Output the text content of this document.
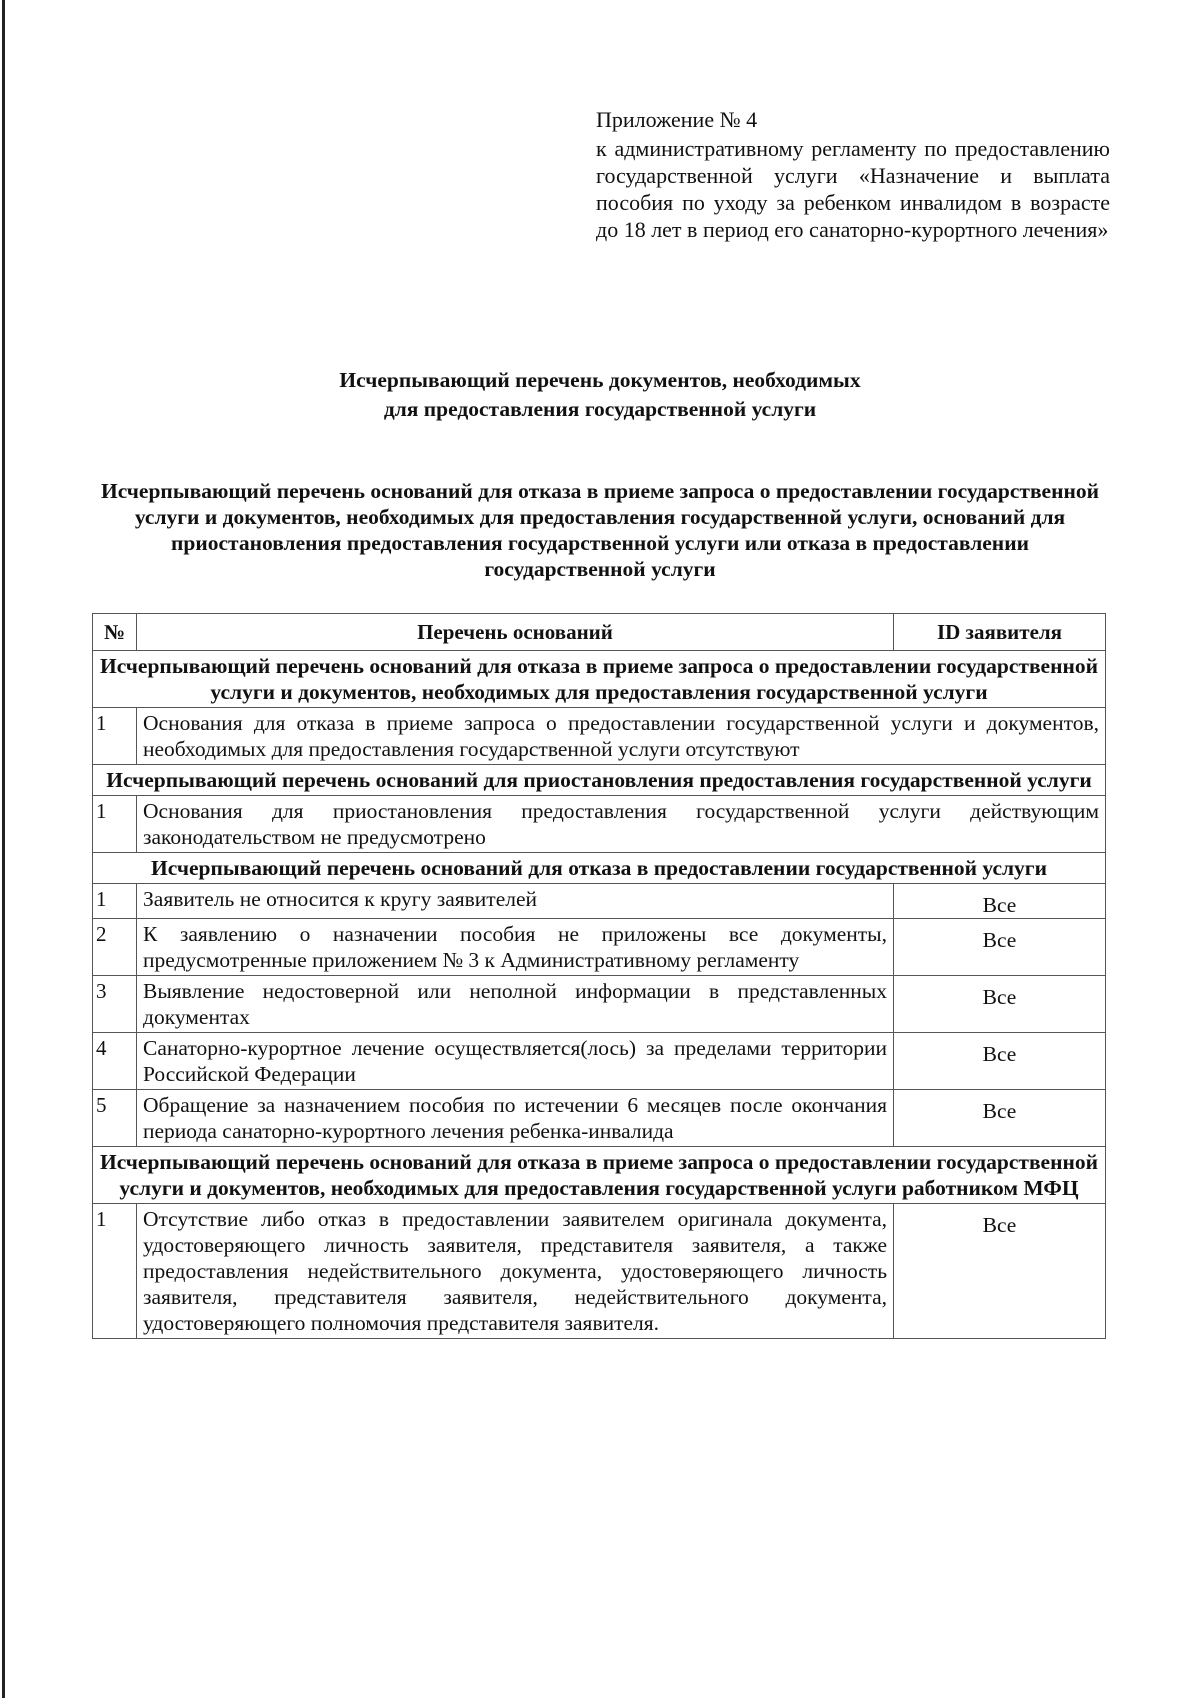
Приложение № 4
к административному регламенту по предоставлению государственной услуги «Назначение и выплата пособия по уходу за ребенком инвалидом в возрасте до 18 лет в период его санаторно-курортного лечения»
Исчерпывающий перечень документов, необходимых
для предоставления государственной услуги
Исчерпывающий перечень оснований для отказа в приеме запроса о предоставлении государственной услуги и документов, необходимых для предоставления государственной услуги, оснований для приостановления предоставления государственной услуги или отказа в предоставлении государственной услуги
№	Перечень оснований	ID заявителя
Исчерпывающий перечень оснований для отказа в приеме запроса о предоставлении государственной услуги и документов, необходимых для предоставления государственной услуги		
1	Основания для отказа в приеме запроса о предоставлении государственной услуги и документов, необходимых для предоставления государственной услуги отсутствуют	
Исчерпывающий перечень оснований для приостановления предоставления государственной услуги		
1	Основания для приостановления предоставления государственной услуги действующим законодательством не предусмотрено	
Исчерпывающий перечень оснований для отказа в предоставлении государственной услуги		
1	Заявитель не относится к кругу заявителей	Все
2	К заявлению о назначении пособия не приложены все документы, предусмотренные приложением № 3 к Административному регламенту	Все
3	Выявление недостоверной или неполной информации в представленных документах	Все
4	Санаторно-курортное лечение осуществляется(лось) за пределами территории Российской Федерации	Все
5	Обращение за назначением пособия по истечении 6 месяцев после окончания периода санаторно-курортного лечения ребенка-инвалида	Все
Исчерпывающий перечень оснований для отказа в приеме запроса о предоставлении государственной услуги и документов, необходимых для предоставления государственной услуги работником МФЦ		
1	Отсутствие либо отказ в предоставлении заявителем оригинала документа, удостоверяющего личность заявителя, представителя заявителя, а также предоставления недействительного документа, удостоверяющего личность заявителя, представителя заявителя, недействительного документа, удостоверяющего полномочия представителя заявителя.	Все
